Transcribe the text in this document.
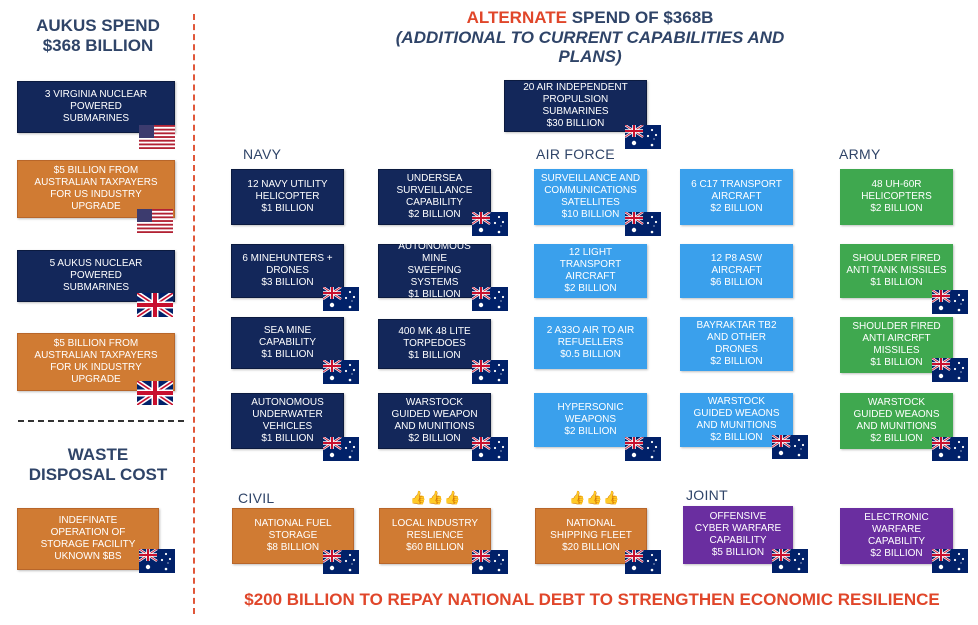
AUKUS SPEND
$368 BILLION
3 VIRGINIA NUCLEAR
POWERED
SUBMARINES
$5 BILLION FROM
AUSTRALIAN TAXPAYERS
FOR US INDUSTRY
UPGRADE
5 AUKUS NUCLEAR
POWERED
SUBMARINES
$5 BILLION FROM
AUSTRALIAN TAXPAYERS
FOR UK INDUSTRY
UPGRADE
WASTE
DISPOSAL COST
INDEFINATE
OPERATION OF
STORAGE FACILITY
UKNOWN $BS
ALTERNATE SPEND OF $368B
(ADDITIONAL TO CURRENT CAPABILITIES AND PLANS)
20 AIR INDEPENDENT
PROPULSION SUBMARINES
$30 BILLION
NAVY	AIR FORCE	ARMY
CIVIL	JOINT
12 NAVY UTILITY
HELICOPTER
$1 BILLION
6 MINEHUNTERS +
DRONES
$3 BILLION
SEA MINE
CAPABILITY
$1 BILLION
AUTONOMOUS
UNDERWATER
VEHICLES
$1 BILLION
UNDERSEA
SURVEILLANCE
CAPABILITY
$2 BILLION
AUTONOMOUS MINE
SWEEPING
SYSTEMS
$1 BILLION
400 MK 48 LITE
TORPEDOES
$1 BILLION
WARSTOCK
GUIDED WEAPON
AND MUNITIONS
$2 BILLION
SURVEILLANCE AND
COMMUNICATIONS
SATELLITES
$10 BILLION
12 LIGHT
TRANSPORT
AIRCRAFT
$2 BILLION
2 A33O AIR TO AIR
REFUELLERS
$0.5 BILLION
HYPERSONIC
WEAPONS
$2 BILLION
6 C17 TRANSPORT
AIRCRAFT
$2 BILLION
12 P8 ASW
AIRCRAFT
$6 BILLION
BAYRAKTAR TB2
AND OTHER
DRONES
$2 BILLION
WARSTOCK
GUIDED WEAONS
AND MUNITIONS
$2 BILLION
48 UH-60R
HELICOPTERS
$2 BILLION
SHOULDER FIRED
ANTI TANK MISSILES
$1 BILLION
SHOULDER FIRED
ANTI AIRCRFT
MISSILES
$1 BILLION
WARSTOCK
GUIDED WEAONS
AND MUNITIONS
$2 BILLION
NATIONAL FUEL
STORAGE
$8 BILLION
👍👍👍
LOCAL INDUSTRY
RESLIENCE
$60 BILLION
👍👍👍
NATIONAL
SHIPPING FLEET
$20 BILLION
OFFENSIVE
CYBER WARFARE
CAPABILITY
$5 BILLION
ELECTRONIC
WARFARE
CAPABILITY
$2 BILLION
$200 BILLION TO REPAY NATIONAL DEBT TO STRENGTHEN ECONOMIC RESILIENCE
